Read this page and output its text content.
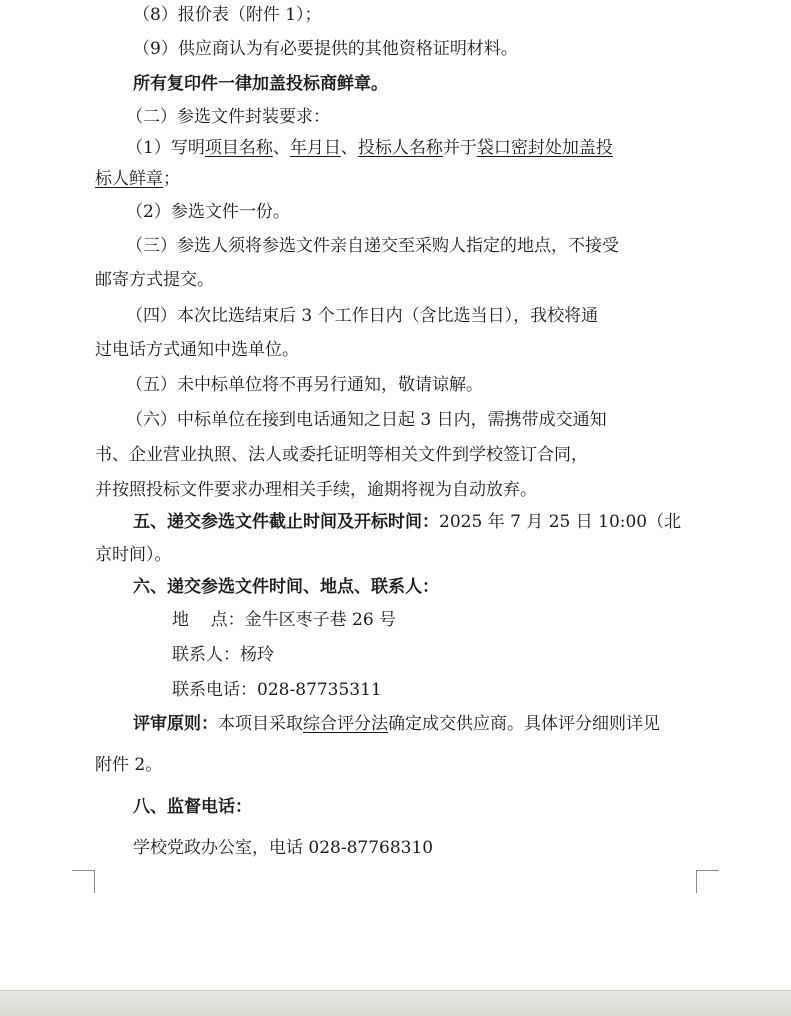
（8）报价表（附件 1）；
（9）供应商认为有必要提供的其他资格证明材料。
所有复印件一律加盖投标商鲜章。
（二）参选文件封装要求：
（1）写明项目名称、年月日、投标人名称并于袋口密封处加盖投
标人鲜章；
（2）参选文件一份。
（三）参选人须将参选文件亲自递交至采购人指定的地点，不接受
邮寄方式提交。
（四）本次比选结束后 3 个工作日内（含比选当日），我校将通
过电话方式通知中选单位。
（五）未中标单位将不再另行通知，敬请谅解。
（六）中标单位在接到电话通知之日起 3 日内，需携带成交通知
书、企业营业执照、法人或委托证明等相关文件到学校签订合同，
并按照投标文件要求办理相关手续，逾期将视为自动放弃。
五、递交参选文件截止时间及开标时间：2025 年 7 月 25 日 10:00（北
京时间）。
六、递交参选文件时间、地点、联系人：
地    点：金牛区枣子巷 26 号
联系人：杨玲
联系电话：028-87735311
评审原则：本项目采取综合评分法确定成交供应商。具体评分细则详见
附件 2。
八、监督电话：
学校党政办公室，电话 028-87768310
